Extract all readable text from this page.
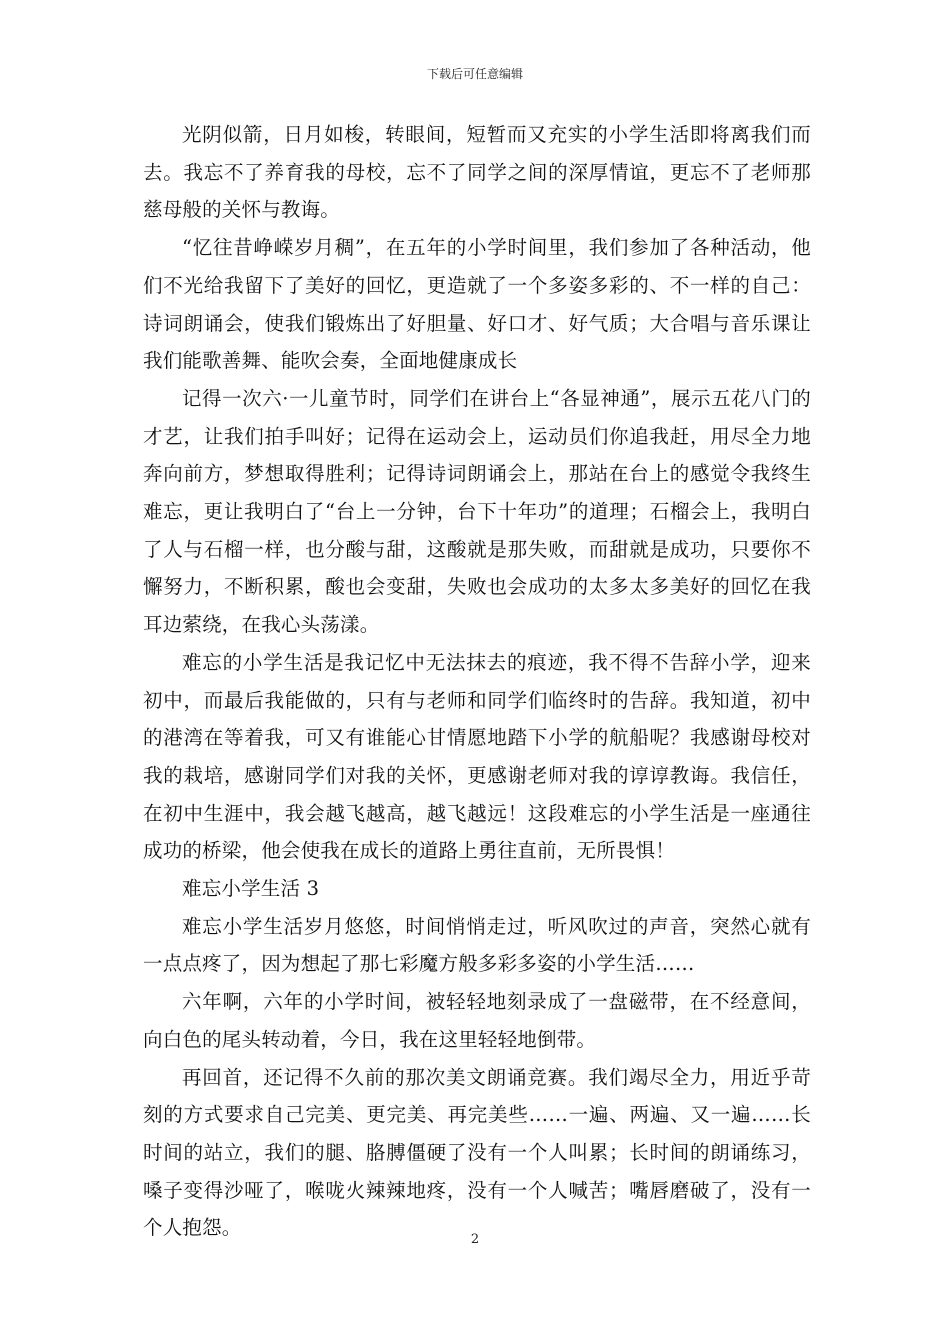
下载后可任意编辑

光阴似箭，日月如梭，转眼间，短暂而又充实的小学生活即将离我们而去。我忘不了养育我的母校，忘不了同学之间的深厚情谊，更忘不了老师那慈母般的关怀与教诲。

“忆往昔峥嵘岁月稠”，在五年的小学时间里，我们参加了各种活动，他们不光给我留下了美好的回忆，更造就了一个多姿多彩的、不一样的自己：诗词朗诵会，使我们锻炼出了好胆量、好口才、好气质；大合唱与音乐课让我们能歌善舞、能吹会奏，全面地健康成长

记得一次六·一儿童节时，同学们在讲台上“各显神通”，展示五花八门的才艺，让我们拍手叫好；记得在运动会上，运动员们你追我赶，用尽全力地奔向前方，梦想取得胜利；记得诗词朗诵会上，那站在台上的感觉令我终生难忘，更让我明白了“台上一分钟，台下十年功”的道理；石榴会上，我明白了人与石榴一样，也分酸与甜，这酸就是那失败，而甜就是成功，只要你不懈努力，不断积累，酸也会变甜，失败也会成功的太多太多美好的回忆在我耳边萦绕，在我心头荡漾。

难忘的小学生活是我记忆中无法抹去的痕迹，我不得不告辞小学，迎来初中，而最后我能做的，只有与老师和同学们临终时的告辞。我知道，初中的港湾在等着我，可又有谁能心甘情愿地踏下小学的航船呢？我感谢母校对我的栽培，感谢同学们对我的关怀，更感谢老师对我的谆谆教诲。我信任，在初中生涯中，我会越飞越高，越飞越远！这段难忘的小学生活是一座通往成功的桥梁，他会使我在成长的道路上勇往直前，无所畏惧！

难忘小学生活 3

难忘小学生活岁月悠悠，时间悄悄走过，听风吹过的声音，突然心就有一点点疼了，因为想起了那七彩魔方般多彩多姿的小学生活……

六年啊，六年的小学时间，被轻轻地刻录成了一盘磁带，在不经意间，向白色的尾头转动着，今日，我在这里轻轻地倒带。

再回首，还记得不久前的那次美文朗诵竞赛。我们竭尽全力，用近乎苛刻的方式要求自己完美、更完美、再完美些……一遍、两遍、又一遍……长时间的站立，我们的腿、胳膊僵硬了没有一个人叫累；长时间的朗诵练习，嗓子变得沙哑了，喉咙火辣辣地疼，没有一个人喊苦；嘴唇磨破了，没有一个人抱怨。

2
